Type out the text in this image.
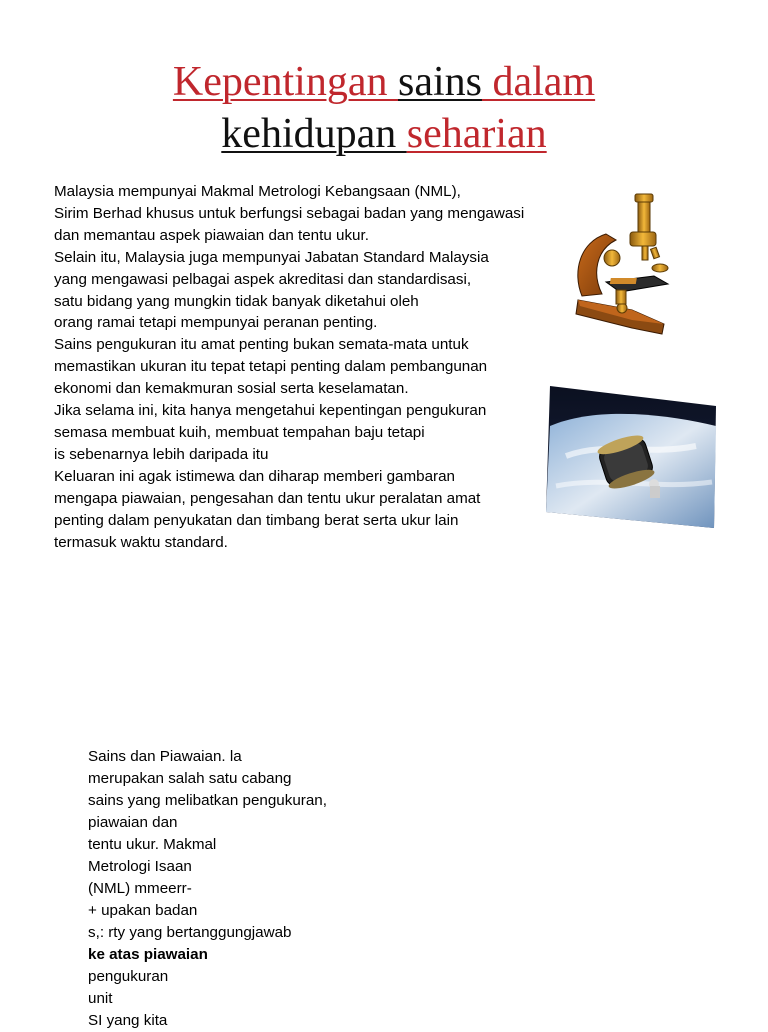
Kepentingan sains dalam
kehidupan seharian
Malaysia mempunyai Makmal Metrologi Kebangsaan (NML),
Sirim Berhad khusus untuk berfungsi sebagai badan yang mengawasi
dan memantau aspek piawaian dan tentu ukur.
Selain itu, Malaysia juga mempunyai Jabatan Standard Malaysia
yang mengawasi pelbagai aspek akreditasi dan standardisasi,
satu bidang yang mungkin tidak banyak diketahui oleh
orang ramai tetapi mempunyai peranan penting.
Sains pengukuran itu amat penting bukan semata-mata untuk
memastikan ukuran itu tepat tetapi penting dalam pembangunan
ekonomi dan kemakmuran sosial serta keselamatan.
Jika selama ini, kita hanya mengetahui kepentingan pengukuran
semasa membuat kuih, membuat tempahan baju tetapi
is sebenarnya lebih daripada itu
Keluaran ini agak istimewa dan diharap memberi gambaran
mengapa piawaian, pengesahan dan tentu ukur peralatan amat
penting dalam penyukatan dan timbang berat serta ukur lain
termasuk waktu standard.
Sains dan Piawaian. la
merupakan salah satu cabang
sains yang melibatkan pengukuran,
piawaian dan
tentu ukur. Makmal
Metrologi Isaan
(NML) mmeerr-
+ upakan badan
s,: rty yang bertanggungjawab
ke atas piawaian
pengukuran
unit
SI yang kita
